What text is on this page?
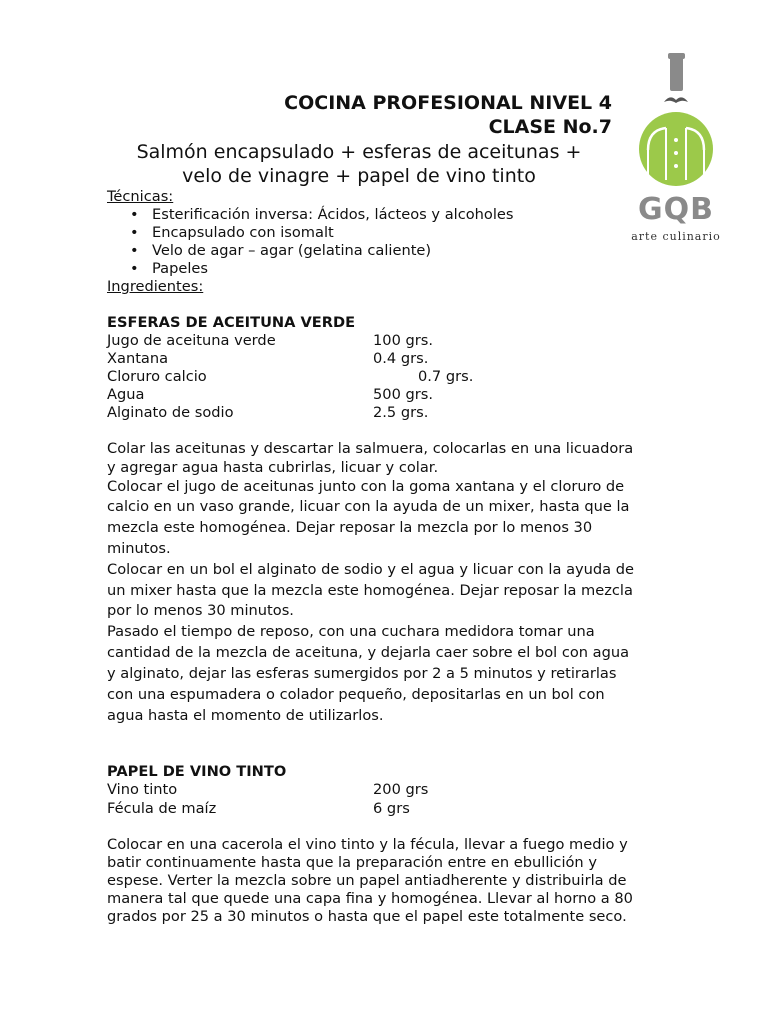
GQB
arte culinario
COCINA PROFESIONAL NIVEL 4
CLASE No.7
Salmón encapsulado + esferas de aceitunas +
velo de vinagre + papel de vino tinto
Técnicas:
• Esterificación inversa: Ácidos, lácteos y alcoholes
• Encapsulado con isomalt
• Velo de agar – agar (gelatina caliente)
• Papeles
Ingredientes:
ESFERAS DE ACEITUNA VERDE
Jugo de aceituna verde	100 grs.
Xantana	0.4 grs.
Cloruro calcio	0.7 grs.
Agua	500 grs.
Alginato de sodio	2.5 grs.
Colar las aceitunas y descartar la salmuera, colocarlas en una licuadora
y agregar agua hasta cubrirlas, licuar y colar.
Colocar el jugo de aceitunas junto con la goma xantana y el cloruro de
calcio en un vaso grande, licuar con la ayuda de un mixer, hasta que la
mezcla este homogénea. Dejar reposar la mezcla por lo menos 30
minutos.
Colocar en un bol el alginato de sodio y el agua y licuar con la ayuda de
un mixer hasta que la mezcla este homogénea. Dejar reposar la mezcla
por lo menos 30 minutos.
Pasado el tiempo de reposo, con una cuchara medidora tomar una
cantidad de la mezcla de aceituna, y dejarla caer sobre el bol con agua
y alginato, dejar las esferas sumergidos por 2 a 5 minutos y retirarlas
con una espumadera o colador pequeño, depositarlas en un bol con
agua hasta el momento de utilizarlos.
PAPEL DE VINO TINTO
Vino tinto	200 grs
Fécula de maíz	6 grs
Colocar en una cacerola el vino tinto y la fécula, llevar a fuego medio y
batir continuamente hasta que la preparación entre en ebullición y
espese. Verter la mezcla sobre un papel antiadherente y distribuirla de
manera tal que quede una capa fina y homogénea. Llevar al horno a 80
grados por 25 a 30 minutos o hasta que el papel este totalmente seco.
